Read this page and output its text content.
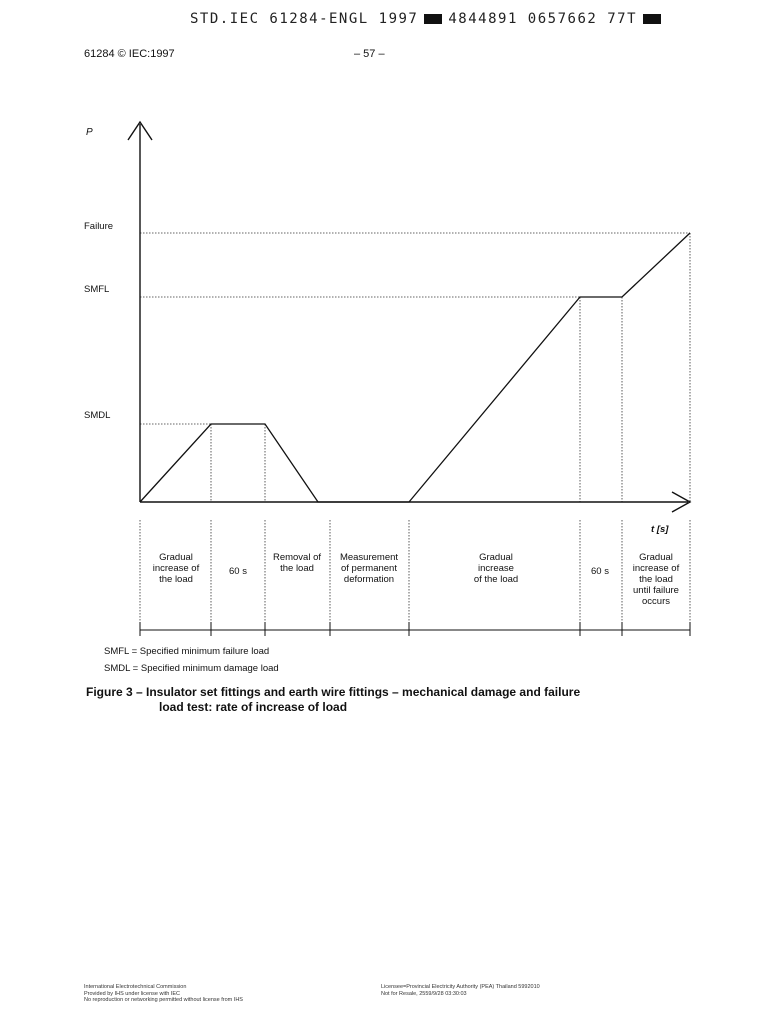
STD.IEC 61284-ENGL 1997 4844891 0657662 77T
61284 © IEC:1997	– 57 –
P
t [s]
Failure
SMFL
SMDL
Gradual
increase of
the load
60 s
Removal of
the load
Measurement
of permanent
deformation
Gradual
increase
of the load
60 s
Gradual
increase of
the load
until failure
occurs
SMFL = Specified minimum failure load
SMDL = Specified minimum damage load
Figure 3 – Insulator set fittings and earth wire fittings – mechanical damage and failure
load test: rate of increase of load
International Electrotechnical Commission
Provided by IHS under license with IEC
No reproduction or networking permitted without license from IHS
Licensee=Provincial Electricity Authority (PEA) Thailand 5992010
Not for Resale, 2559/9/28 03:30:03
